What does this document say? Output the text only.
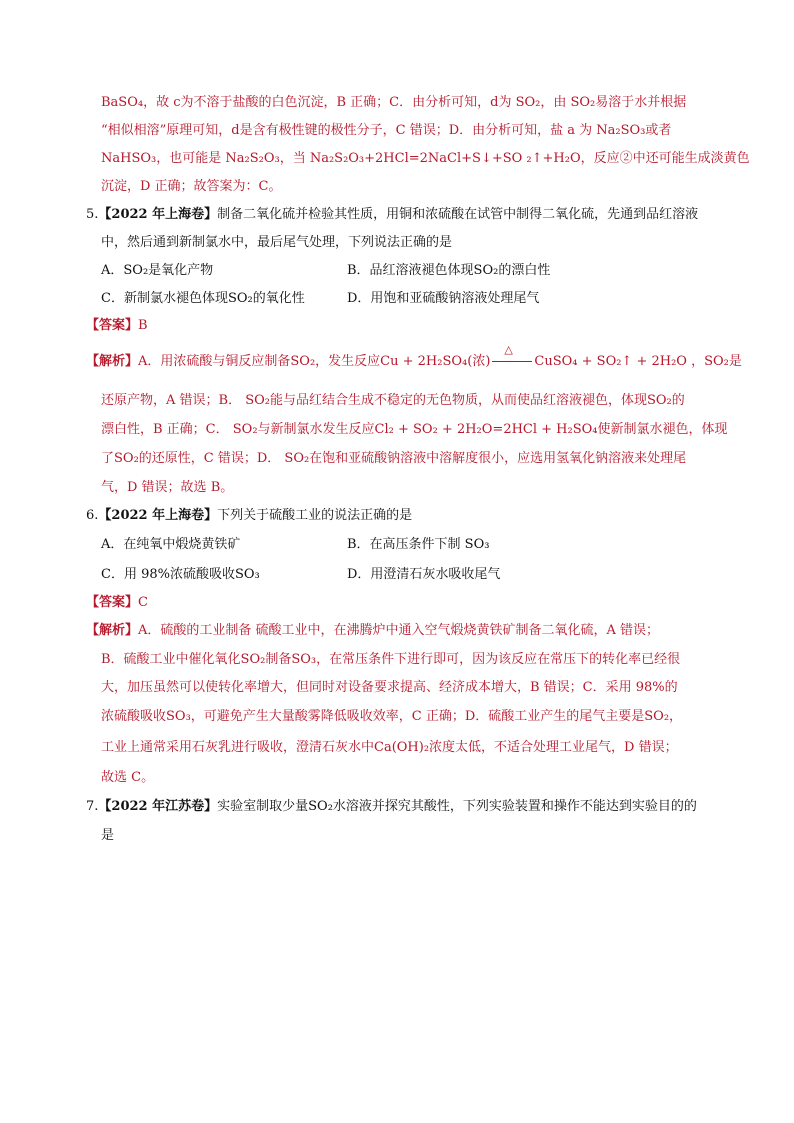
BaSO₄，故 c为不溶于盐酸的白色沉淀，B 正确；C．由分析可知，d为 SO₂，由 SO₂易溶于水并根据
“相似相溶”原理可知，d是含有极性键的极性分子，C 错误；D．由分析可知，盐 a 为 Na₂SO₃或者
NaHSO₃，也可能是 Na₂S₂O₃，当 Na₂S₂O₃+2HCl=2NaCl+S↓+SO ₂↑+H₂O，反应②中还可能生成淡黄色
沉淀，D 正确；故答案为：C。
5.【2022 年上海卷】制备二氧化硫并检验其性质，用铜和浓硫酸在试管中制得二氧化硫，先通到品红溶液
中，然后通到新制氯水中，最后尾气处理，下列说法正确的是
A．SO₂是氧化产物	B．品红溶液褪色体现SO₂的漂白性
C．新制氯水褪色体现SO₂的氧化性	D．用饱和亚硫酸钠溶液处理尾气
【答案】B
【解析】A．用浓硫酸与铜反应制备SO₂，发生反应Cu + 2H₂SO₄(浓)
△
CuSO₄ + SO₂↑ + 2H₂O ，SO₂是
还原产物，A 错误；B． SO₂能与品红结合生成不稳定的无色物质，从而使品红溶液褪色，体现SO₂的
漂白性，B 正确；C． SO₂与新制氯水发生反应Cl₂ + SO₂ + 2H₂O=2HCl + H₂SO₄使新制氯水褪色，体现
了SO₂的还原性，C 错误；D． SO₂在饱和亚硫酸钠溶液中溶解度很小，应选用氢氧化钠溶液来处理尾
气，D 错误；故选 B。
6.【2022 年上海卷】下列关于硫酸工业的说法正确的是
A．在纯氧中煅烧黄铁矿	B．在高压条件下制 SO₃
C．用 98%浓硫酸吸收SO₃	D．用澄清石灰水吸收尾气
【答案】C
【解析】A．硫酸的工业制备 硫酸工业中，在沸腾炉中通入空气煅烧黄铁矿制备二氧化硫，A 错误；
B．硫酸工业中催化氧化SO₂制备SO₃，在常压条件下进行即可，因为该反应在常压下的转化率已经很
大，加压虽然可以使转化率增大，但同时对设备要求提高、经济成本增大，B 错误；C．采用 98%的
浓硫酸吸收SO₃，可避免产生大量酸雾降低吸收效率，C 正确；D．硫酸工业产生的尾气主要是SO₂，
工业上通常采用石灰乳进行吸收，澄清石灰水中Ca(OH)₂浓度太低，不适合处理工业尾气，D 错误；
故选 C。
7.【2022 年江苏卷】实验室制取少量SO₂水溶液并探究其酸性，下列实验装置和操作不能达到实验目的的
是
